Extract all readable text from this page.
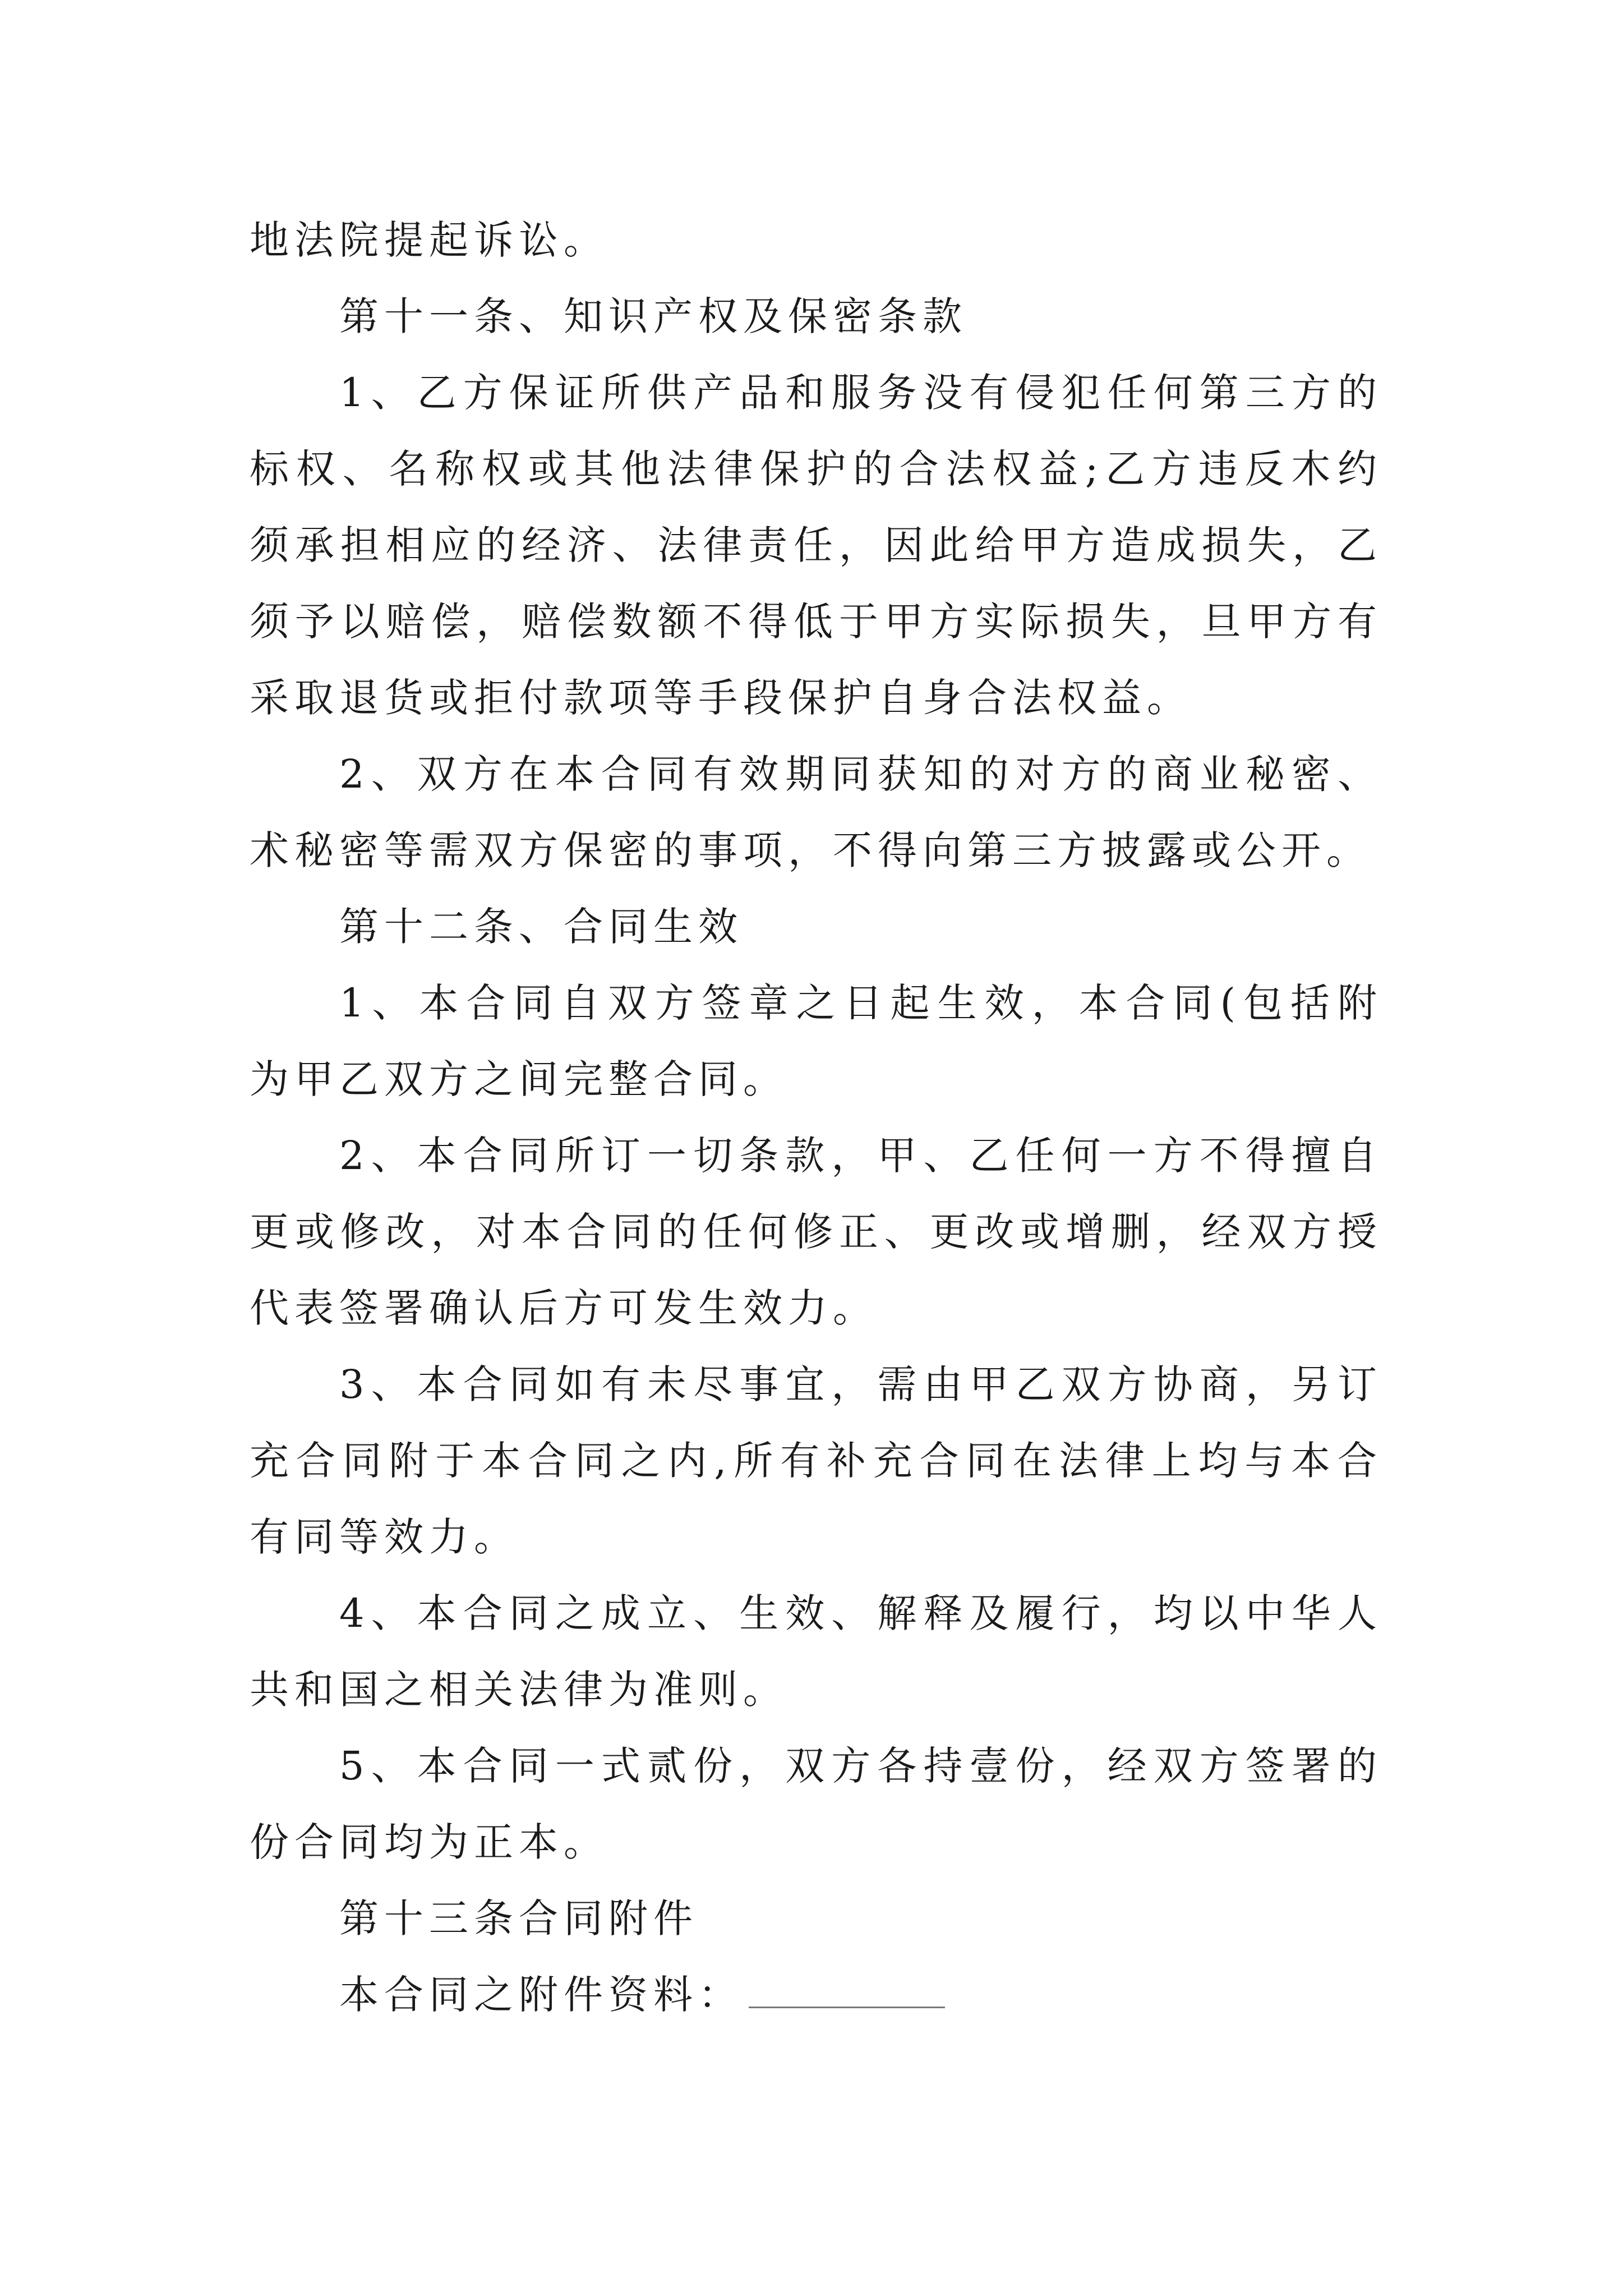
地法院提起诉讼。
第十一条、知识产权及保密条款
1、乙方保证所供产品和服务没有侵犯任何第三方的
标权、名称权或其他法律保护的合法权益;乙方违反木约
须承担相应的经济、法律责任，因此给甲方造成损失，乙
须予以赔偿，赔偿数额不得低于甲方实际损失，旦甲方有
采取退货或拒付款项等手段保护自身合法权益。
2、双方在本合同有效期同获知的对方的商业秘密、
术秘密等需双方保密的事项，不得向第三方披露或公开。
第十二条、合同生效
1、本合同自双方签章之日起生效，本合同(包括附
为甲乙双方之间完整合同。
2、本合同所订一切条款，甲、乙任何一方不得擅自
更或修改，对本合同的任何修正、更改或增删，经双方授
代表签署确认后方可发生效力。
3、本合同如有未尽事宜，需由甲乙双方协商，另订
充合同附于本合同之内,所有补充合同在法律上均与本合
有同等效力。
4、本合同之成立、生效、解释及履行，均以中华人
共和国之相关法律为准则。
5、本合同一式贰份，双方各持壹份，经双方签署的
份合同均为正本。
第十三条合同附件
本合同之附件资料：
